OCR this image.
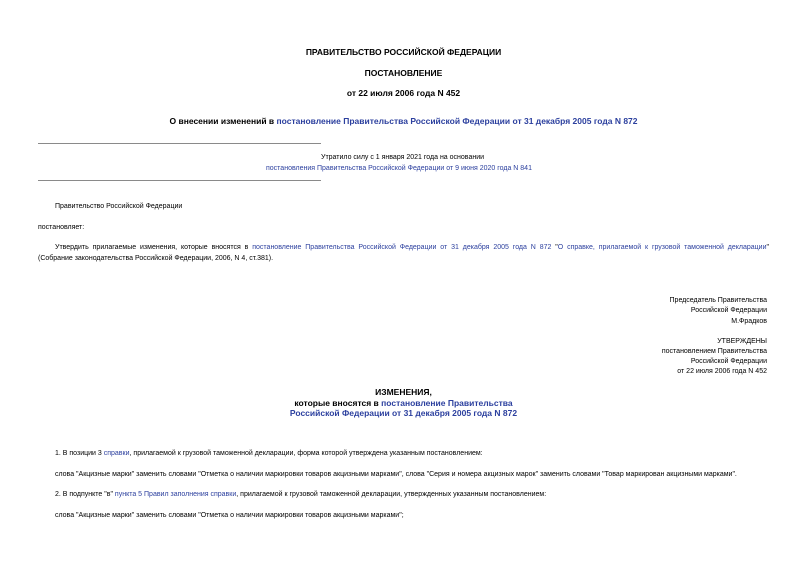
ПРАВИТЕЛЬСТВО РОССИЙСКОЙ ФЕДЕРАЦИИ
ПОСТАНОВЛЕНИЕ
от 22 июля 2006 года N 452
О внесении изменений в постановление Правительства Российской Федерации от 31 декабря 2005 года N 872
Утратило силу с 1 января 2021 года на основании
постановления Правительства Российской Федерации от 9 июня 2020 года N 841
Правительство Российской Федерации
постановляет:
Утвердить прилагаемые изменения, которые вносятся в постановление Правительства Российской Федерации от 31 декабря 2005 года N 872 "О справке, прилагаемой к грузовой таможенной декларации"
(Собрание законодательства Российской Федерации, 2006, N 4, ст.381).
Председатель Правительства
Российской Федерации
М.Фрадков
УТВЕРЖДЕНЫ
постановлением Правительства
Российской Федерации
от 22 июля 2006 года N 452
ИЗМЕНЕНИЯ,
которые вносятся в постановление Правительства
Российской Федерации от 31 декабря 2005 года N 872
1. В позиции 3 справки, прилагаемой к грузовой таможенной декларации, форма которой утверждена указанным постановлением:
слова "Акцизные марки" заменить словами "Отметка о наличии маркировки товаров акцизными марками", слова "Серия и номера акцизных марок" заменить словами "Товар маркирован акцизными марками".
2. В подпункте "в" пункта 5 Правил заполнения справки, прилагаемой к грузовой таможенной декларации, утвержденных указанным постановлением:
слова "Акцизные марки" заменить словами "Отметка о наличии маркировки товаров акцизными марками";
